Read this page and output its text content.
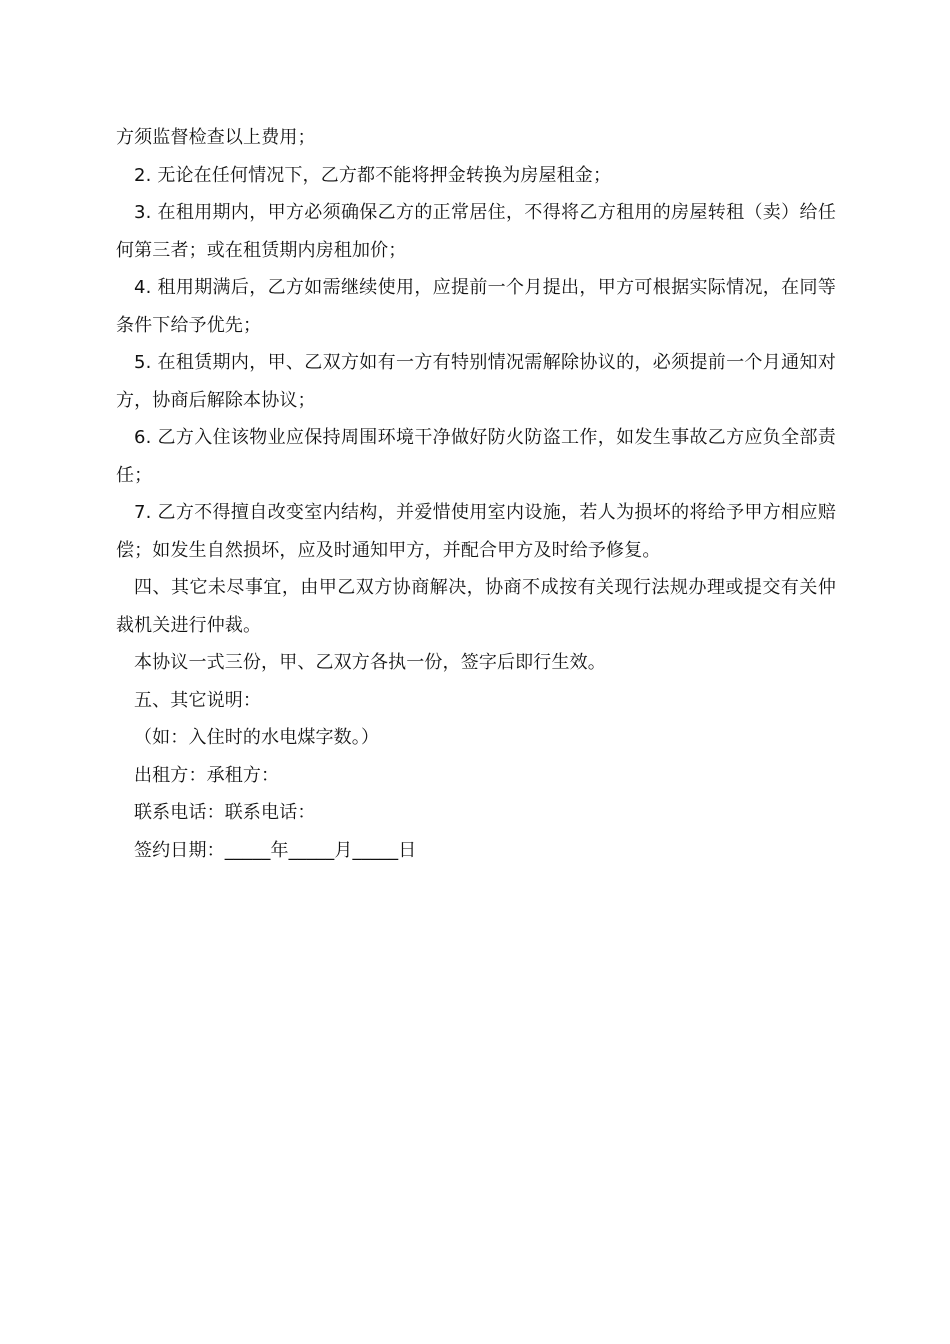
方须监督检查以上费用；

2. 无论在任何情况下，乙方都不能将押金转换为房屋租金；

3. 在租用期内，甲方必须确保乙方的正常居住，不得将乙方租用的房屋转租（卖）给任何第三者；或在租赁期内房租加价；

4. 租用期满后，乙方如需继续使用，应提前一个月提出，甲方可根据实际情况，在同等条件下给予优先；

5. 在租赁期内，甲、乙双方如有一方有特别情况需解除协议的，必须提前一个月通知对方，协商后解除本协议；

6. 乙方入住该物业应保持周围环境干净做好防火防盗工作，如发生事故乙方应负全部责任；

7. 乙方不得擅自改变室内结构，并爱惜使用室内设施，若人为损坏的将给予甲方相应赔偿；如发生自然损坏，应及时通知甲方，并配合甲方及时给予修复。

四、其它未尽事宜，由甲乙双方协商解决，协商不成按有关现行法规办理或提交有关仲裁机关进行仲裁。

本协议一式三份，甲、乙双方各执一份，签字后即行生效。

五、其它说明：

（如：入住时的水电煤字数。）

出租方：承租方：

联系电话：联系电话：

签约日期：_____年_____月_____日
